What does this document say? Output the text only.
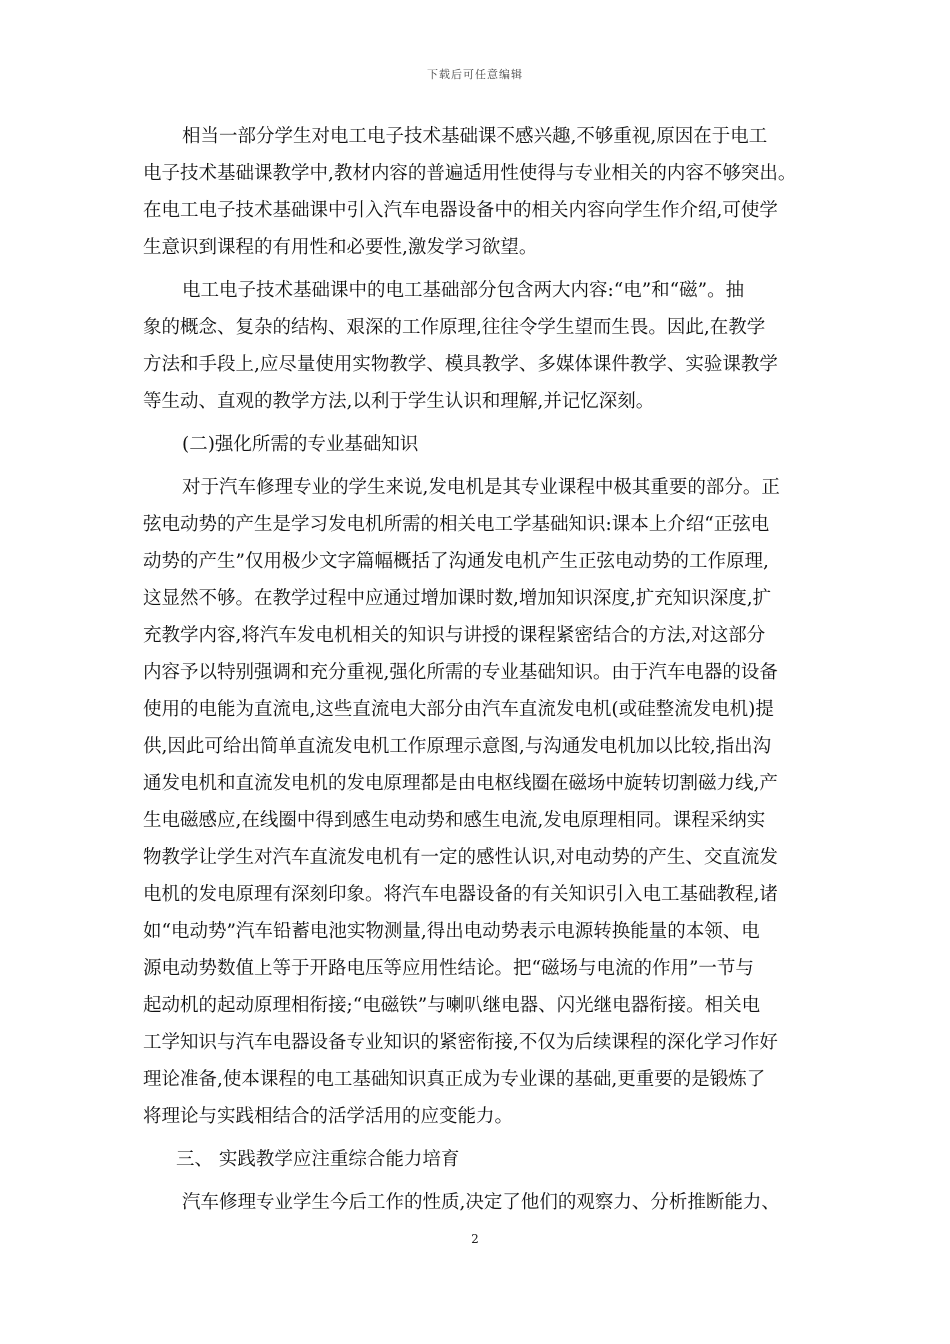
下载后可任意编辑
相当一部分学生对电工电子技术基础课不感兴趣,不够重视,原因在于电工
电子技术基础课教学中,教材内容的普遍适用性使得与专业相关的内容不够突出。
在电工电子技术基础课中引入汽车电器设备中的相关内容向学生作介绍,可使学
生意识到课程的有用性和必要性,激发学习欲望。
电工电子技术基础课中的电工基础部分包含两大内容:“电”和“磁”。抽
象的概念、复杂的结构、艰深的工作原理,往往令学生望而生畏。因此,在教学
方法和手段上,应尽量使用实物教学、模具教学、多媒体课件教学、实验课教学
等生动、直观的教学方法,以利于学生认识和理解,并记忆深刻。
(二)强化所需的专业基础知识
对于汽车修理专业的学生来说,发电机是其专业课程中极其重要的部分。正
弦电动势的产生是学习发电机所需的相关电工学基础知识:课本上介绍“正弦电
动势的产生”仅用极少文字篇幅概括了沟通发电机产生正弦电动势的工作原理,
这显然不够。在教学过程中应通过增加课时数,增加知识深度,扩充知识深度,扩
充教学内容,将汽车发电机相关的知识与讲授的课程紧密结合的方法,对这部分
内容予以特别强调和充分重视,强化所需的专业基础知识。由于汽车电器的设备
使用的电能为直流电,这些直流电大部分由汽车直流发电机(或硅整流发电机)提
供,因此可给出简单直流发电机工作原理示意图,与沟通发电机加以比较,指出沟
通发电机和直流发电机的发电原理都是由电枢线圈在磁场中旋转切割磁力线,产
生电磁感应,在线圈中得到感生电动势和感生电流,发电原理相同。课程采纳实
物教学让学生对汽车直流发电机有一定的感性认识,对电动势的产生、交直流发
电机的发电原理有深刻印象。将汽车电器设备的有关知识引入电工基础教程,诸
如“电动势”汽车铅蓄电池实物测量,得出电动势表示电源转换能量的本领、电
源电动势数值上等于开路电压等应用性结论。把“磁场与电流的作用”一节与
起动机的起动原理相衔接;“电磁铁”与喇叭继电器、闪光继电器衔接。相关电
工学知识与汽车电器设备专业知识的紧密衔接,不仅为后续课程的深化学习作好
理论准备,使本课程的电工基础知识真正成为专业课的基础,更重要的是锻炼了
将理论与实践相结合的活学活用的应变能力。
三、 实践教学应注重综合能力培育
汽车修理专业学生今后工作的性质,决定了他们的观察力、分析推断能力、
2
